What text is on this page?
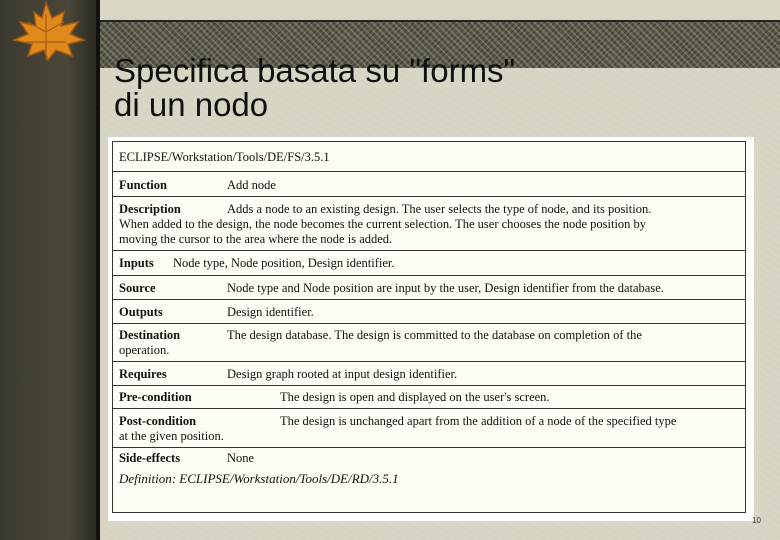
Specifica basata su "forms"
di un nodo
ECLIPSE/Workstation/Tools/DE/FS/3.5.1
Function	Add node
Description	Adds a node to an existing design. The user selects the type of node, and its position.
When added to the design, the node becomes the current selection. The user chooses the node position by
moving the cursor to the area where the node is added.
Inputs Node type, Node position, Design identifier.
Source	Node type and Node position are input by the user, Design identifier from the database.
Outputs	Design identifier.
Destination	The design database. The design is committed to the database on completion of the
operation.
Requires	Design graph rooted at input design identifier.
Pre-condition	The design is open and displayed on the user's screen.
Post-condition	The design is unchanged apart from the addition of a node of the specified type
at the given position.
Side-effects	None
Definition: ECLIPSE/Workstation/Tools/DE/RD/3.5.1
10
